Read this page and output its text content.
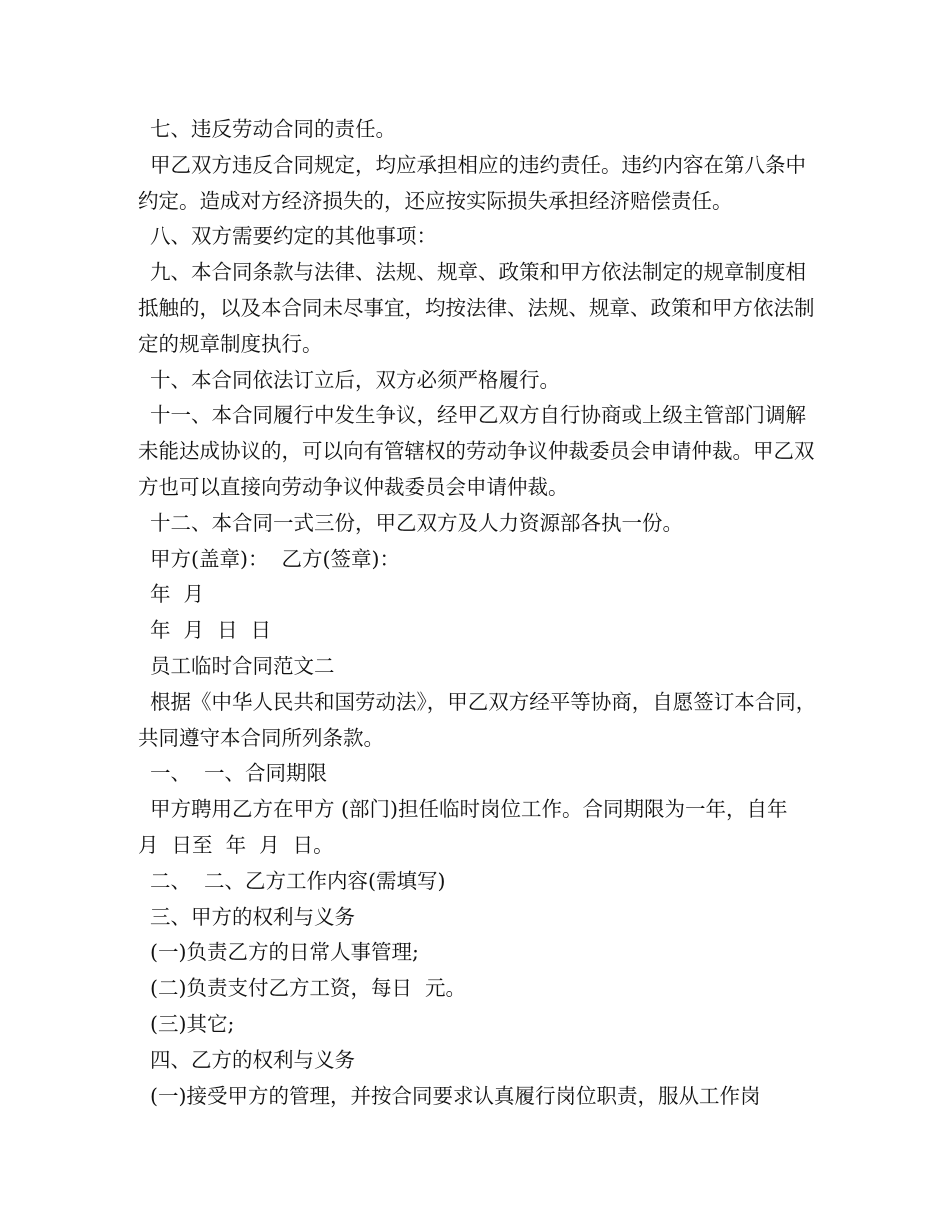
七、违反劳动合同的责任。

甲乙双方违反合同规定，均应承担相应的违约责任。违约内容在第八条中约定。造成对方经济损失的，还应按实际损失承担经济赔偿责任。

八、双方需要约定的其他事项：

九、本合同条款与法律、法规、规章、政策和甲方依法制定的规章制度相抵触的，以及本合同未尽事宜，均按法律、法规、规章、政策和甲方依法制定的规章制度执行。

十、本合同依法订立后，双方必须严格履行。

十一、本合同履行中发生争议，经甲乙双方自行协商或上级主管部门调解未能达成协议的，可以向有管辖权的劳动争议仲裁委员会申请仲裁。甲乙双方也可以直接向劳动争议仲裁委员会申请仲裁。

十二、本合同一式三份，甲乙双方及人力资源部各执一份。

甲方(盖章)：  乙方(签章)：

年  月

年  月  日  日

员工临时合同范文二

根据《中华人民共和国劳动法》，甲乙双方经平等协商，自愿签订本合同，共同遵守本合同所列条款。

一、  一、合同期限

甲方聘用乙方在甲方 (部门)担任临时岗位工作。合同期限为一年，自年  月  日至  年  月  日。

二、  二、乙方工作内容(需填写)

三、甲方的权利与义务

(一)负责乙方的日常人事管理;

(二)负责支付乙方工资，每日  元。

(三)其它;

四、乙方的权利与义务

(一)接受甲方的管理，并按合同要求认真履行岗位职责，服从工作岗
